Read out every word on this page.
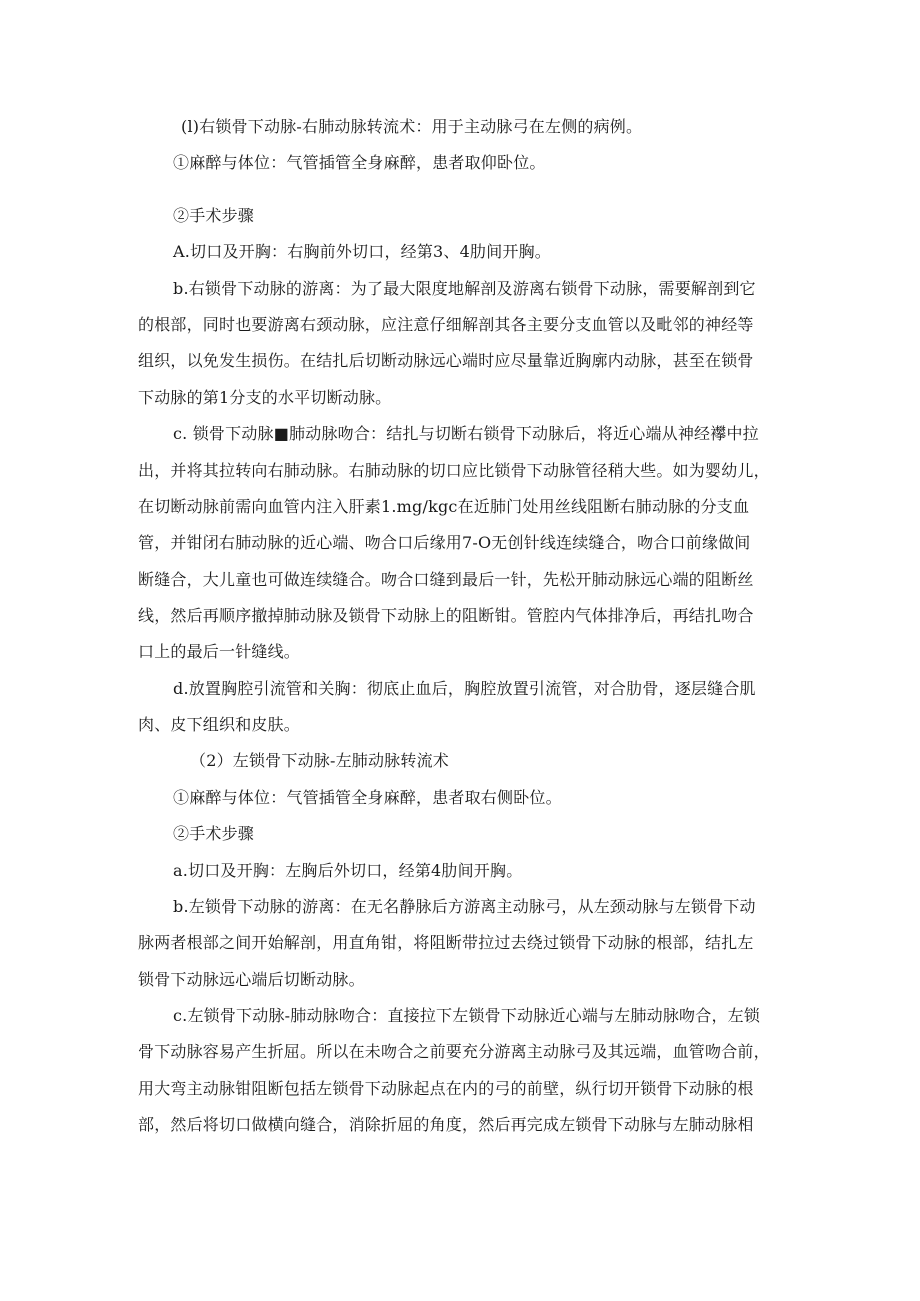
(l)右锁骨下动脉-右肺动脉转流术：用于主动脉弓在左侧的病例。
①麻醉与体位：气管插管全身麻醉，患者取仰卧位。
②手术步骤
A.切口及开胸：右胸前外切口，经第3、4肋间开胸。
b.右锁骨下动脉的游离：为了最大限度地解剖及游离右锁骨下动脉，需要解剖到它
的根部，同时也要游离右颈动脉，应注意仔细解剖其各主要分支血管以及毗邻的神经等
组织，以免发生损伤。在结扎后切断动脉远心端时应尽量靠近胸廓内动脉，甚至在锁骨
下动脉的第1分支的水平切断动脉。
c. 锁骨下动脉■肺动脉吻合：结扎与切断右锁骨下动脉后，将近心端从神经襻中拉
出，并将其拉转向右肺动脉。右肺动脉的切口应比锁骨下动脉管径稍大些。如为婴幼儿，
在切断动脉前需向血管内注入肝素1.mg∕kgc在近肺门处用丝线阻断右肺动脉的分支血
管，并钳闭右肺动脉的近心端、吻合口后缘用7-O无创针线连续缝合，吻合口前缘做间
断缝合，大儿童也可做连续缝合。吻合口缝到最后一针，先松开肺动脉远心端的阻断丝
线，然后再顺序撤掉肺动脉及锁骨下动脉上的阻断钳。管腔内气体排净后，再结扎吻合
口上的最后一针缝线。
d.放置胸腔引流管和关胸：彻底止血后，胸腔放置引流管，对合肋骨，逐层缝合肌
肉、皮下组织和皮肤。
（2）左锁骨下动脉-左肺动脉转流术
①麻醉与体位：气管插管全身麻醉，患者取右侧卧位。
②手术步骤
a.切口及开胸：左胸后外切口，经第4肋间开胸。
b.左锁骨下动脉的游离：在无名静脉后方游离主动脉弓，从左颈动脉与左锁骨下动
脉两者根部之间开始解剖，用直角钳，将阻断带拉过去绕过锁骨下动脉的根部，结扎左
锁骨下动脉远心端后切断动脉。
c.左锁骨下动脉-肺动脉吻合：直接拉下左锁骨下动脉近心端与左肺动脉吻合，左锁
骨下动脉容易产生折屈。所以在未吻合之前要充分游离主动脉弓及其远端，血管吻合前，
用大弯主动脉钳阻断包括左锁骨下动脉起点在内的弓的前壁，纵行切开锁骨下动脉的根
部，然后将切口做横向缝合，消除折屈的角度，然后再完成左锁骨下动脉与左肺动脉相
